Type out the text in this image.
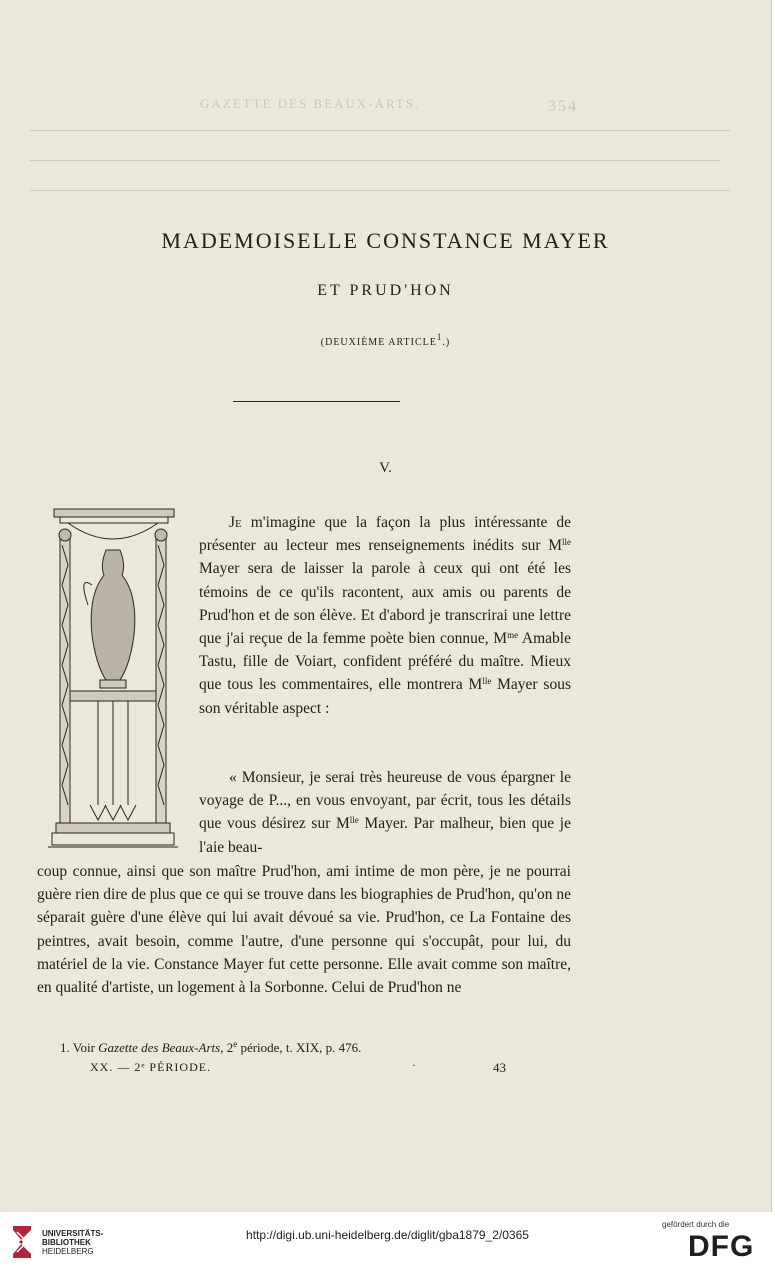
GAZETTE DES BEAUX-ARTS.	354
MADEMOISELLE CONSTANCE MAYER
ET PRUD'HON
(DEUXIÈME ARTICLE$^1$.)
V.

Je m'imagine que la façon la plus intéressante de présenter au lecteur mes renseignements inédits sur $M^{lle}$ Mayer sera de laisser la parole à ceux qui ont été les témoins de ce qu'ils racontent, aux amis ou parents de Prud'hon et de son élève. Et d'abord je transcrirai une lettre que j'ai reçue de la femme poète bien connue, $M^{me}$ Amable Tastu, fille de Voiart, confident préféré du maître. Mieux que tous les commentaires, elle montrera $M^{lle}$ Mayer sous son véritable aspect :

« Monsieur, je serai très heureuse de vous épargner le voyage de P..., en vous envoyant, par écrit, tous les détails que vous désirez sur $M^{lle}$ Mayer. Par malheur, bien que je l'aie beau-

coup connue, ainsi que son maître Prud'hon, ami intime de mon père, je ne pourrai guère rien dire de plus que ce qui se trouve dans les biographies de Prud'hon, qu'on ne séparait guère d'une élève qui lui avait dévoué sa vie. Prud'hon, ce La Fontaine des peintres, avait besoin, comme l'autre, d'une personne qui s'occupât, pour lui, du matériel de la vie. Constance Mayer fut cette personne. Elle avait comme son maître, en qualité d'artiste, un logement à la Sorbonne. Celui de Prud'hon ne

1. Voir Gazette des Beaux-Arts, 2e période, t. XIX, p. 476.
XX. — 2ᵉ PÉRIODE.	·	43
UNIVERSITÄTS-
BIBLIOTHEK
HEIDELBERG
http://digi.ub.uni-heidelberg.de/diglit/gba1879_2/0365
gefördert durch die
DFG
